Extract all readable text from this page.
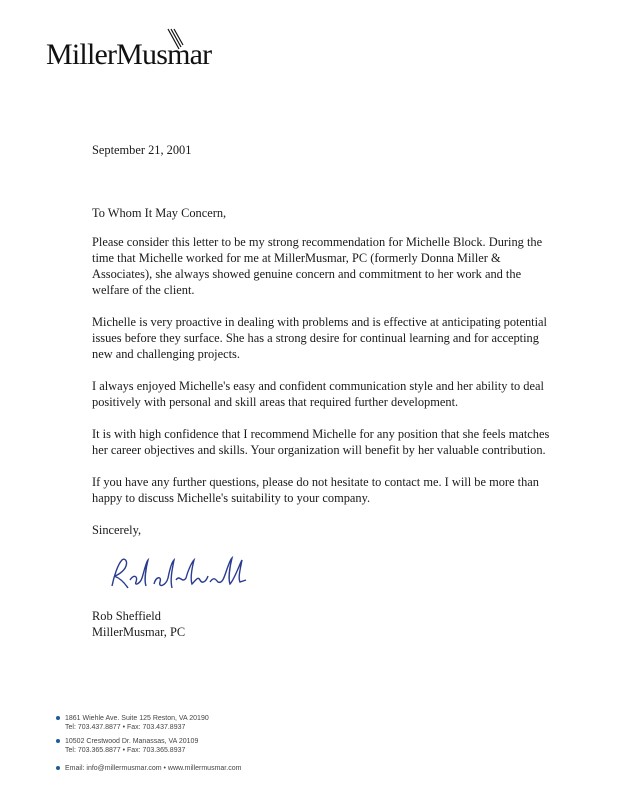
MillerMusmar

September 21, 2001

To Whom It May Concern,

Please consider this letter to be my strong recommendation for Michelle Block. During the time that Michelle worked for me at MillerMusmar, PC (formerly Donna Miller & Associates), she always showed genuine concern and commitment to her work and the welfare of the client.

Michelle is very proactive in dealing with problems and is effective at anticipating potential issues before they surface. She has a strong desire for continual learning and for accepting new and challenging projects.

I always enjoyed Michelle's easy and confident communication style and her ability to deal positively with personal and skill areas that required further development.

It is with high confidence that I recommend Michelle for any position that she feels matches her career objectives and skills. Your organization will benefit by her valuable contribution.

If you have any further questions, please do not hesitate to contact me. I will be more than happy to discuss Michelle's suitability to your company.

Sincerely,

Rob Sheffield
MillerMusmar, PC
1861 Wiehle Ave. Suite 125 Reston, VA 20190
Tel: 703.437.8877 • Fax: 703.437.8937
10502 Crestwood Dr. Manassas, VA 20109
Tel: 703.365.8877 • Fax: 703.365.8937
Email: info@millermusmar.com • www.millermusmar.com
